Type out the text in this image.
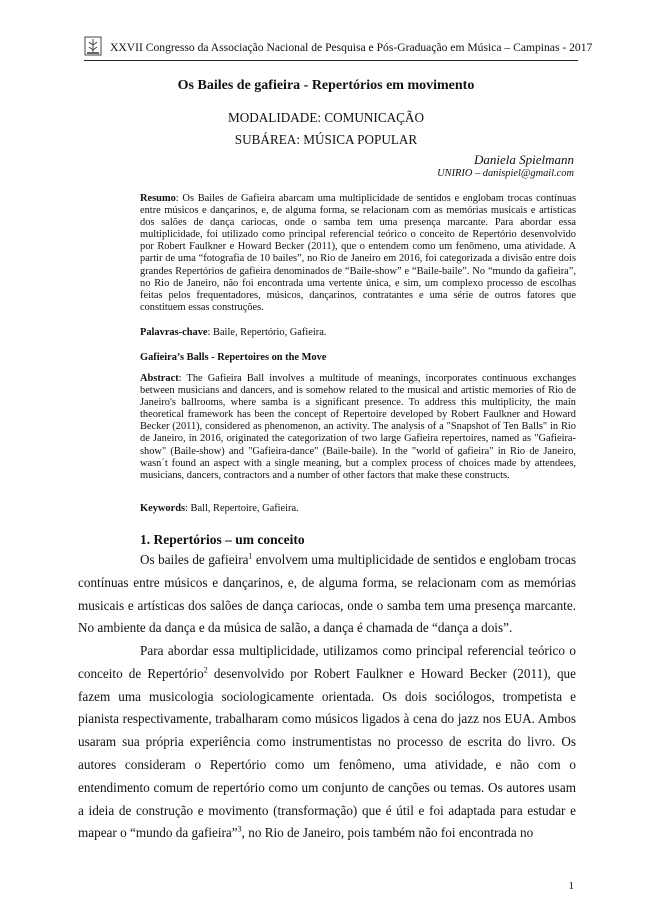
XXVII Congresso da Associação Nacional de Pesquisa e Pós-Graduação em Música – Campinas - 2017
Os Bailes de gafieira - Repertórios em movimento
MODALIDADE: COMUNICAÇÃO
SUBÁREA: MÚSICA POPULAR
Daniela Spielmann
UNIRIO – danispiel@gmail.com
Resumo: Os Bailes de Gafieira abarcam uma multiplicidade de sentidos e englobam trocas contínuas entre músicos e dançarinos, e, de alguma forma, se relacionam com as memórias musicais e artísticas dos salões de dança cariocas, onde o samba tem uma presença marcante. Para abordar essa multiplicidade, foi utilizado como principal referencial teórico o conceito de Repertório desenvolvido por Robert Faulkner e Howard Becker (2011), que o entendem como um fenômeno, uma atividade. A partir de uma “fotografia de 10 bailes”, no Rio de Janeiro em 2016, foi categorizada a divisão entre dois grandes Repertórios de gafieira denominados de “Baile-show” e “Baile-baile”. No “mundo da gafieira”, no Rio de Janeiro, não foi encontrada uma vertente única, e sim, um complexo processo de escolhas feitas pelos frequentadores, músicos, dançarinos, contratantes e uma série de outros fatores que constituem essas construções.
Palavras-chave: Baile, Repertório, Gafieira.
Gafieira’s Balls - Repertoires on the Move
Abstract: The Gafieira Ball involves a multitude of meanings, incorporates continuous exchanges between musicians and dancers, and is somehow related to the musical and artistic memories of Rio de Janeiro's ballrooms, where samba is a significant presence. To address this multiplicity, the main theoretical framework has been the concept of Repertoire developed by Robert Faulkner and Howard Becker (2011), considered as phenomenon, an activity. The analysis of a "Snapshot of Ten Balls" in Rio de Janeiro, in 2016, originated the categorization of two large Gafieira repertoires, named as "Gafieira-show" (Baile-show) and "Gafieira-dance" (Baile-baile). In the "world of gafieira" in Rio de Janeiro, wasn´t found an aspect with a single meaning, but a complex process of choices made by attendees, musicians, dancers, contractors and a number of other factors that make these constructs.
Keywords: Ball, Repertoire, Gafieira.
1. Repertórios – um conceito
Os bailes de gafieira$^1$ envolvem uma multiplicidade de sentidos e englobam trocas contínuas entre músicos e dançarinos, e, de alguma forma, se relacionam com as memórias musicais e artísticas dos salões de dança cariocas, onde o samba tem uma presença marcante. No ambiente da dança e da música de salão, a dança é chamada de “dança a dois”.
Para abordar essa multiplicidade, utilizamos como principal referencial teórico o conceito de Repertório$^2$ desenvolvido por Robert Faulkner e Howard Becker (2011), que fazem uma musicologia sociologicamente orientada. Os dois sociólogos, trompetista e pianista respectivamente, trabalharam como músicos ligados à cena do jazz nos EUA. Ambos usaram sua própria experiência como instrumentistas no processo de escrita do livro. Os autores consideram o Repertório como um fenômeno, uma atividade, e não com o entendimento comum de repertório como um conjunto de canções ou temas. Os autores usam a ideia de construção e movimento (transformação) que é útil e foi adaptada para estudar e mapear o “mundo da gafieira”$^3$, no Rio de Janeiro, pois também não foi encontrada no
1
